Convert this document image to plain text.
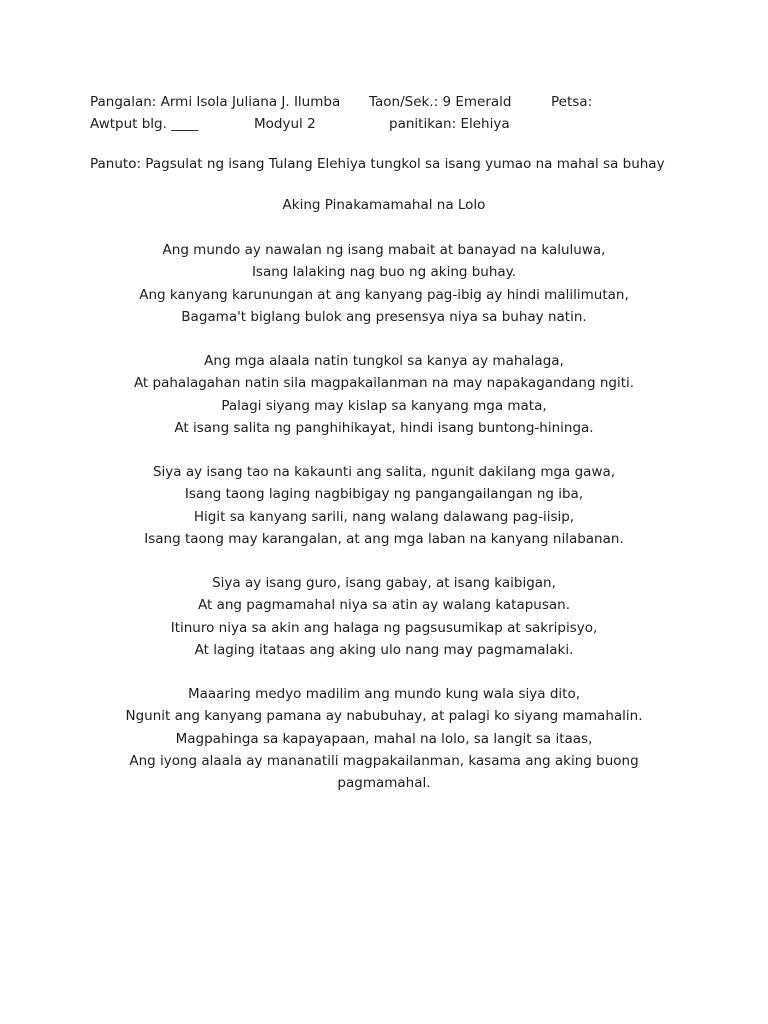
Pangalan: Armi Isola Juliana J. Ilumba Taon/Sek.: 9 Emerald	Petsa:
Awtput blg. ____	Modyul 2	panitikan: Elehiya
Panuto: Pagsulat ng isang Tulang Elehiya tungkol sa isang yumao na mahal sa buhay
Aking Pinakamamahal na Lolo
Ang mundo ay nawalan ng isang mabait at banayad na kaluluwa,
Isang lalaking nag buo ng aking buhay.
Ang kanyang karunungan at ang kanyang pag-ibig ay hindi malilimutan,
Bagama't biglang bulok ang presensya niya sa buhay natin.
Ang mga alaala natin tungkol sa kanya ay mahalaga,
At pahalagahan natin sila magpakailanman na may napakagandang ngiti.
Palagi siyang may kislap sa kanyang mga mata,
At isang salita ng panghihikayat, hindi isang buntong-hininga.
Siya ay isang tao na kakaunti ang salita, ngunit dakilang mga gawa,
Isang taong laging nagbibigay ng pangangailangan ng iba,
Higit sa kanyang sarili, nang walang dalawang pag-iisip,
Isang taong may karangalan, at ang mga laban na kanyang nilabanan.
Siya ay isang guro, isang gabay, at isang kaibigan,
At ang pagmamahal niya sa atin ay walang katapusan.
Itinuro niya sa akin ang halaga ng pagsusumikap at sakripisyo,
At laging itataas ang aking ulo nang may pagmamalaki.
Maaaring medyo madilim ang mundo kung wala siya dito,
Ngunit ang kanyang pamana ay nabubuhay, at palagi ko siyang mamahalin.
Magpahinga sa kapayapaan, mahal na lolo, sa langit sa itaas,
Ang iyong alaala ay mananatili magpakailanman, kasama ang aking buong
pagmamahal.
